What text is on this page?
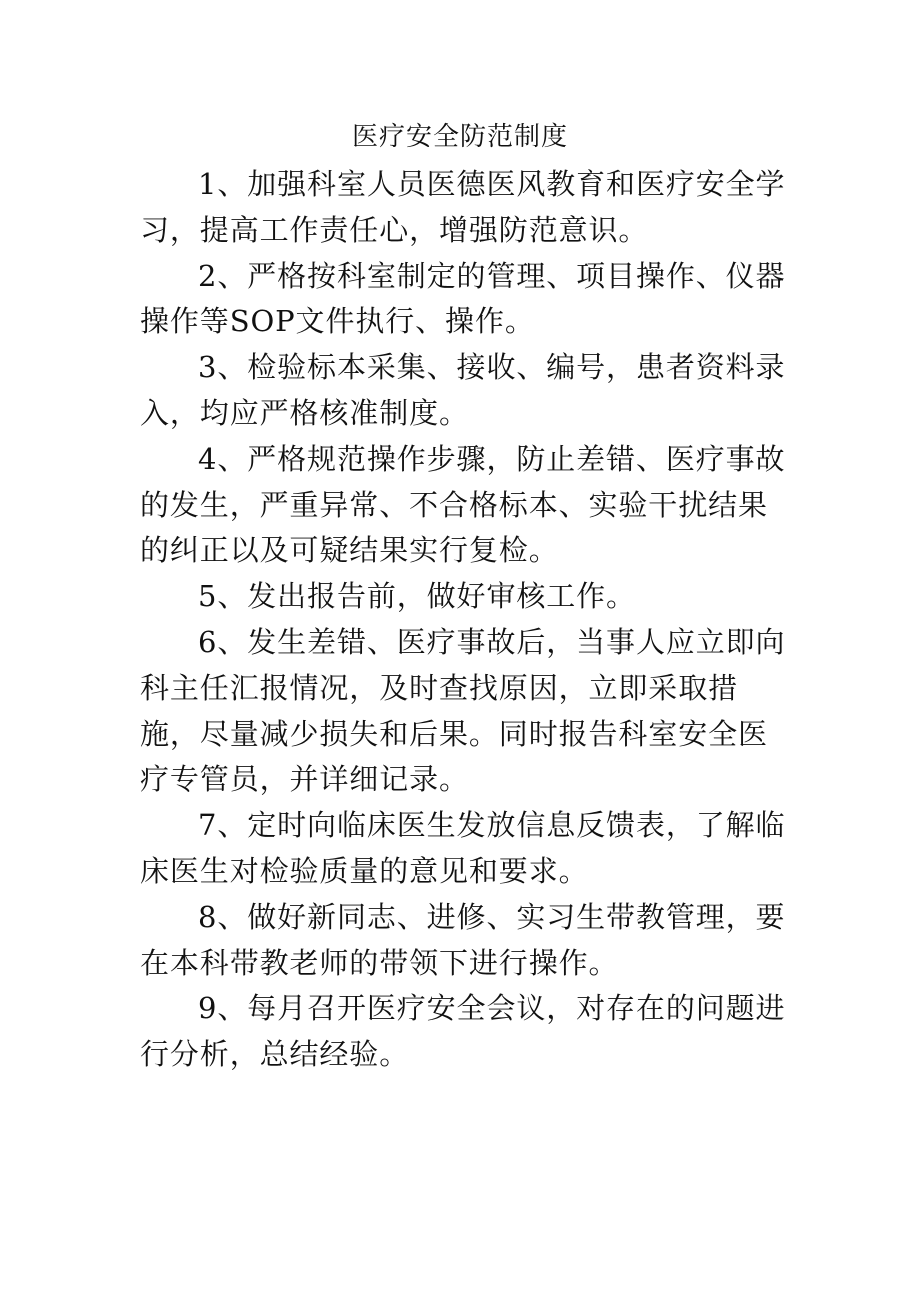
医疗安全防范制度

1、加强科室人员医德医风教育和医疗安全学习，提高工作责任心，增强防范意识。

2、严格按科室制定的管理、项目操作、仪器操作等SOP文件执行、操作。

3、检验标本采集、接收、编号，患者资料录入，均应严格核准制度。

4、严格规范操作步骤，防止差错、医疗事故的发生，严重异常、不合格标本、实验干扰结果的纠正以及可疑结果实行复检。

5、发出报告前，做好审核工作。

6、发生差错、医疗事故后，当事人应立即向科主任汇报情况，及时查找原因，立即采取措施，尽量减少损失和后果。同时报告科室安全医疗专管员，并详细记录。

7、定时向临床医生发放信息反馈表，了解临床医生对检验质量的意见和要求。

8、做好新同志、进修、实习生带教管理，要在本科带教老师的带领下进行操作。

9、每月召开医疗安全会议，对存在的问题进行分析，总结经验。
